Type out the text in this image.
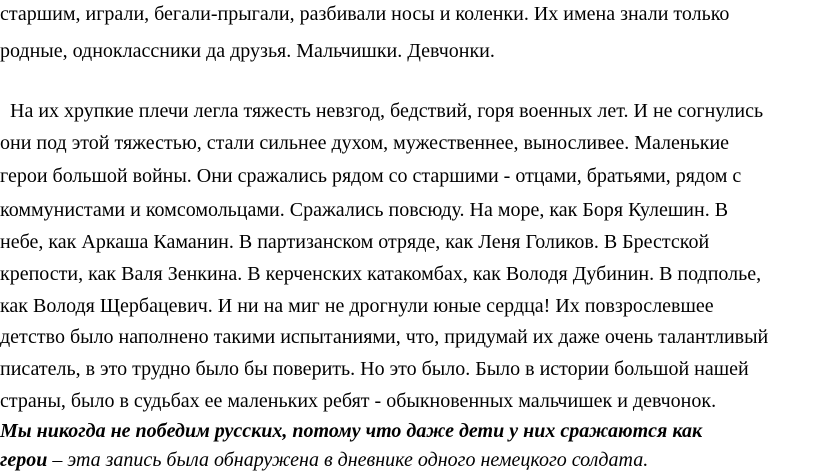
старшим, играли, бегали-прыгали, разбивали носы и коленки. Их имена знали только
родные, одноклассники да друзья. Мальчишки. Девчонки.
На их хрупкие плечи легла тяжесть невзгод, бедствий, горя военных лет. И не согнулись
они под этой тяжестью, стали сильнее духом, мужественнее, выносливее. Маленькие
герои большой войны. Они сражались рядом со старшими - отцами, братьями, рядом с
коммунистами и комсомольцами. Сражались повсюду. На море, как Боря Кулешин. В
небе, как Аркаша Каманин. В партизанском отряде, как Леня Голиков. В Брестской
крепости, как Валя Зенкина. В керченских катакомбах, как Володя Дубинин. В подполье,
как Володя Щербацевич. И ни на миг не дрогнули юные сердца! Их повзрослевшее
детство было наполнено такими испытаниями, что, придумай их даже очень талантливый
писатель, в это трудно было бы поверить. Но это было. Было в истории большой нашей
страны, было в судьбах ее маленьких ребят - обыкновенных мальчишек и девчонок.
Мы никогда не победим русских, потому что даже дети у них сражаются как
герои – эта запись была обнаружена в дневнике одного немецкого солдата.
